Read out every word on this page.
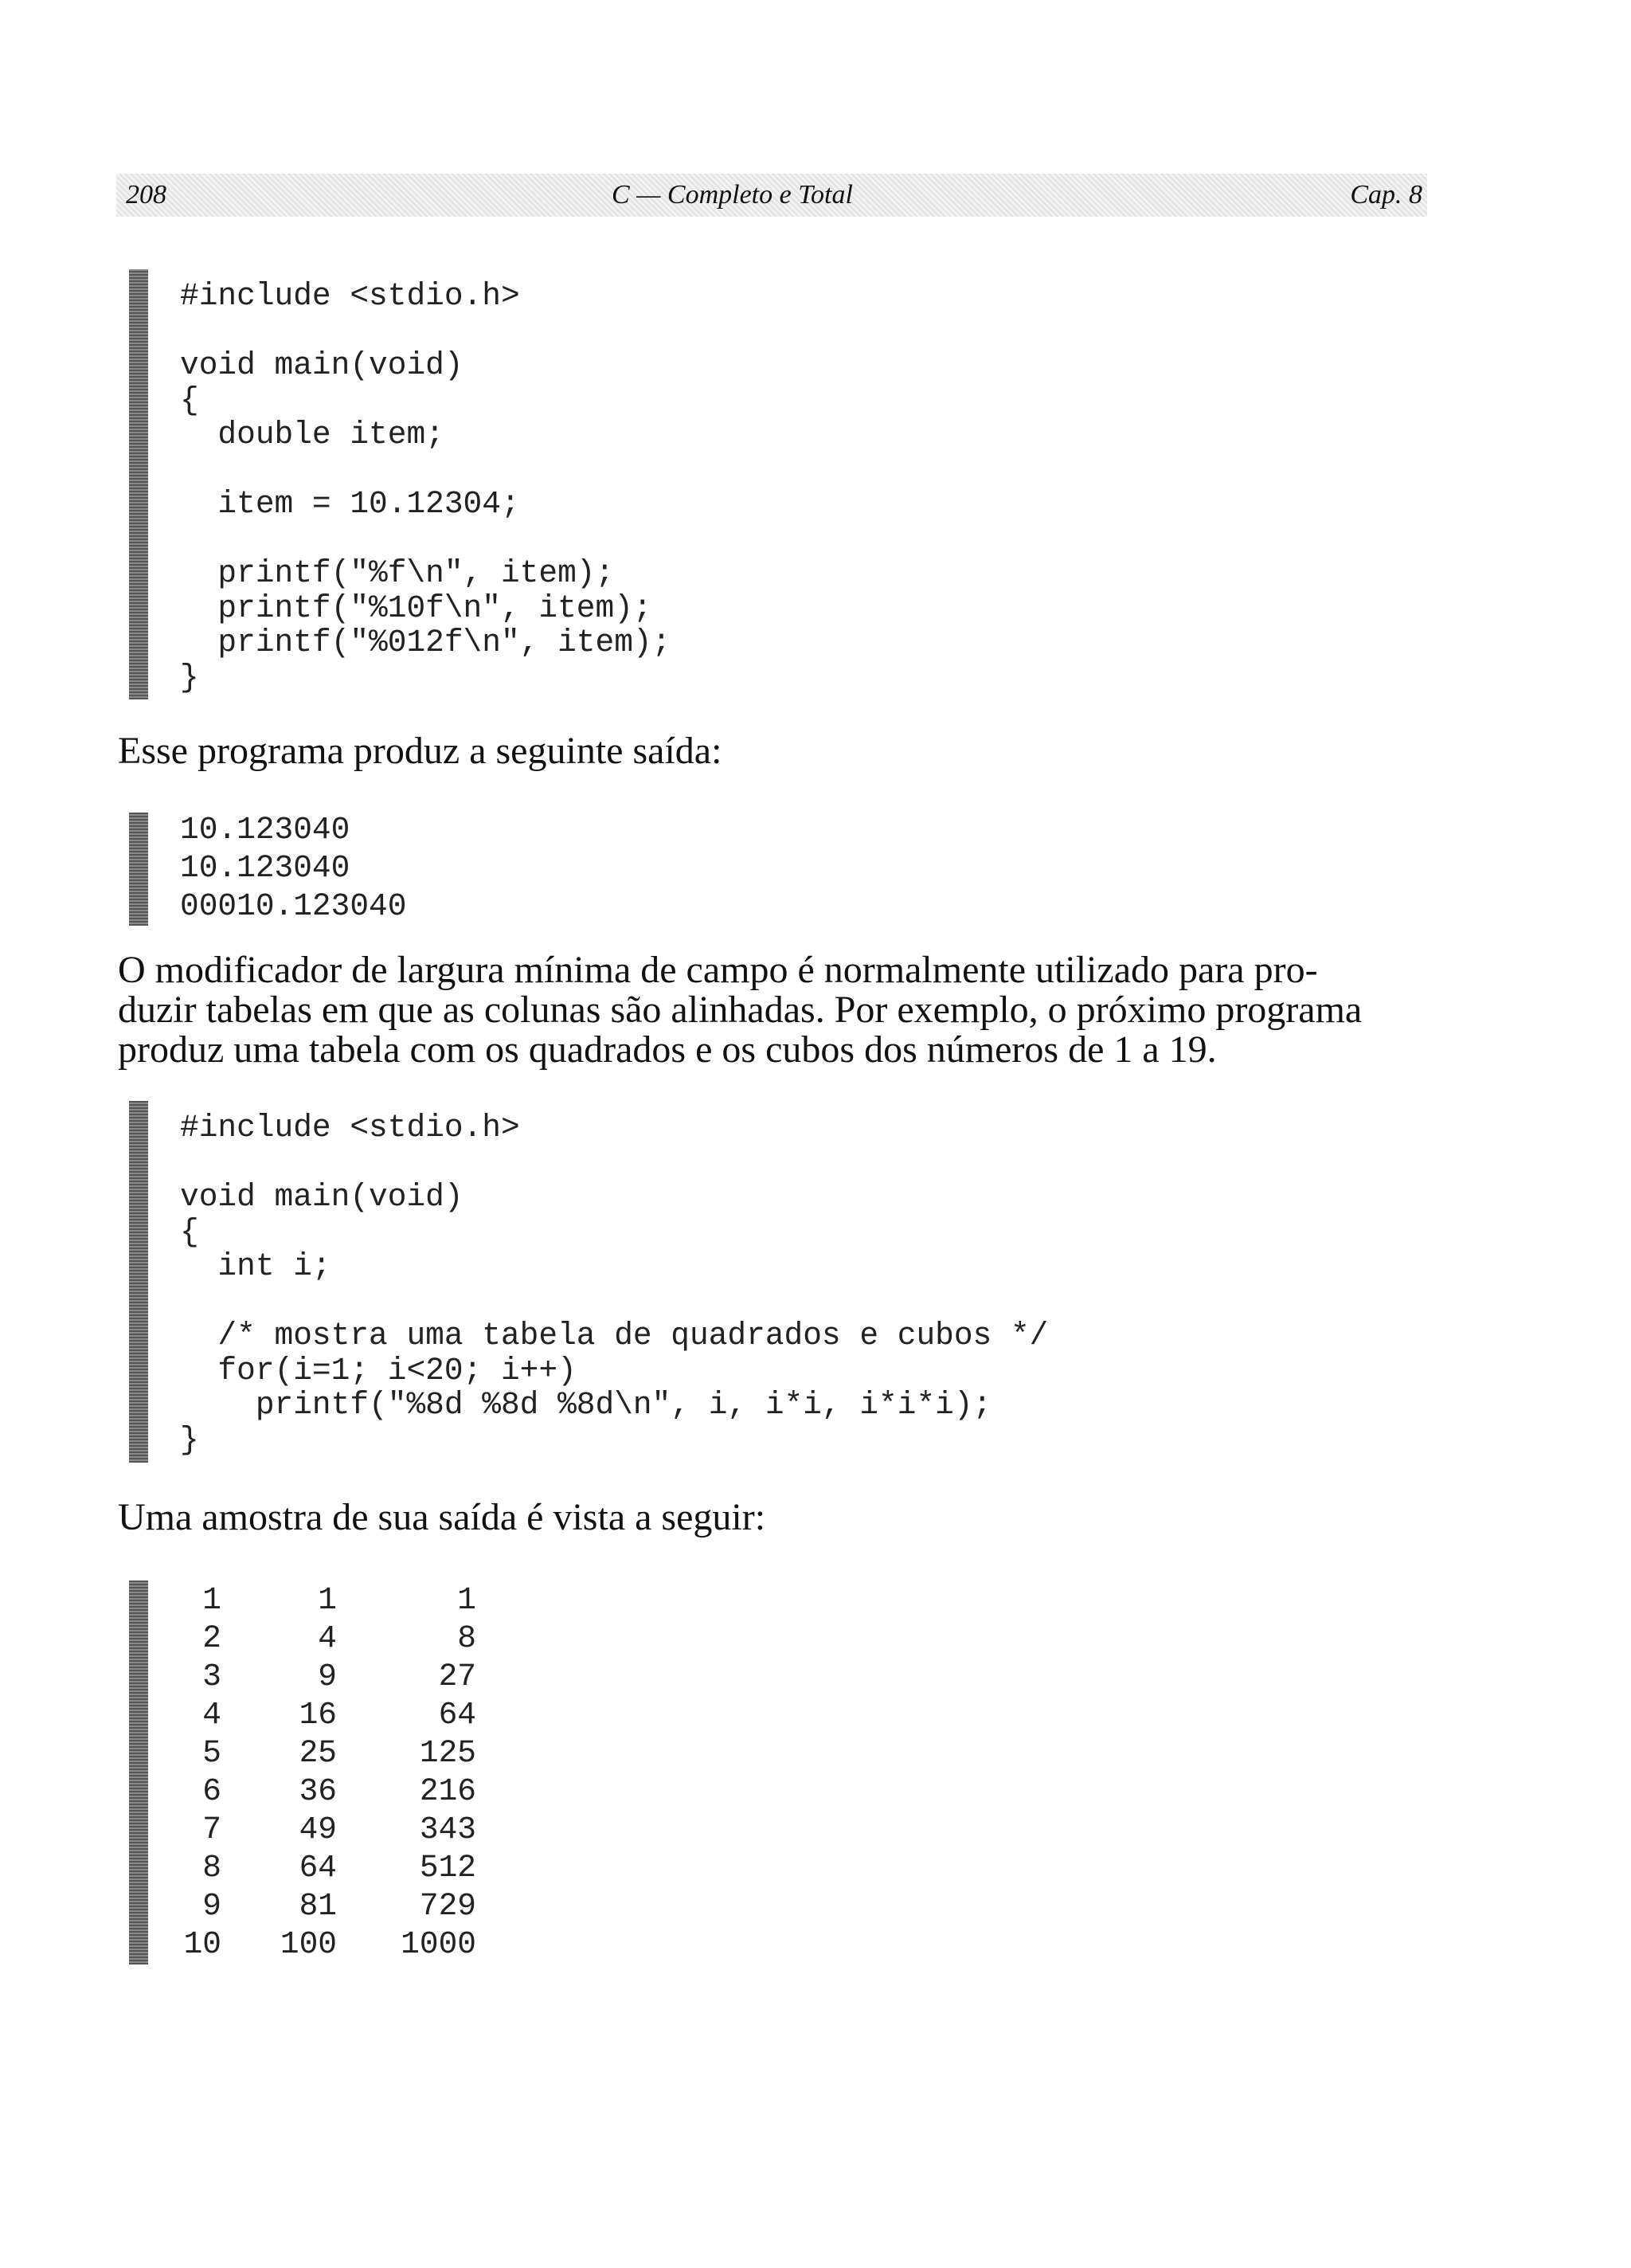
208	C — Completo e Total	Cap. 8
#include <stdio.h>

void main(void)
{
double item;

item = 10.12304;

printf("%f\n", item);
printf("%10f\n", item);
printf("%012f\n", item);
}

Esse programa produz a seguinte saída:

10.123040
10.123040
00010.123040

O modificador de largura mínima de campo é normalmente utilizado para pro-
duzir tabelas em que as colunas são alinhadas. Por exemplo, o próximo programa
produz uma tabela com os quadrados e os cubos dos números de 1 a 19.

#include <stdio.h>

void main(void)
{
int i;

/* mostra uma tabela de quadrados e cubos */
for(i=1; i<20; i++)
printf("%8d %8d %8d\n", i, i*i, i*i*i);
}

Uma amostra de sua saída é vista a seguir:

1	1	1
2	4	8
3	9	27
4	16	64
5	25	125
6	36	216
7	49	343
8	64	512
9	81	729
10	100	1000
